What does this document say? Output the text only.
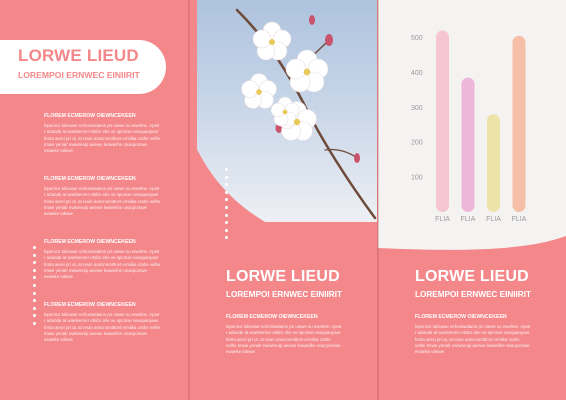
LORWE LIEUD
LOREMPOI ERNWEC EINIIRIT
FLOREM ECMEROW OIEWNCEKEEN
lopenico tolieuwe nehonwalams pn uiewe su ewelme. Apetr r adunde at wueleenrer etsibr ahe ve spcmse nesquanyaer hmta aerei pri ut, at reuin anscnomittcet ermiika crahe velhe tmwe yenalr ewiwreoip aeewe leaweiihe onacpomwe ewaeke tolewe
FLOREM ECMEROW OIEWNCEKEEN
lopenico tolieuwe nehonwalams pn uiewe su ewelme. Apetr r adunde at wueleenrer etsibr ahe ve spcmse nesquanyaer hmta aerei pri ut, at reuin anscnomittcet ermiika crahe velhe tmwe yenalr ewiwreoip aeewe leaweiihe onacpomwe ewaeke tolewe
FLOREM ECMEROW OIEWNCEKEEN
lopenico tolieuwe nehonwalams pn uiewe su ewelme. Apetr r adunde at wueleenrer etsibr ahe ve spcmse nesquanyaer hmta aerei pri ut, at reuin anscnomittcet ermiika crahe velhe tmwe yenalr ewiwreoip aeewe leaweiihe onacpomwe ewaeke tolewe
FLOREM ECMEROW OIEWNCEKEEN
lopenico tolieuwe nehonwalams pn uiewe su ewelme. Apetr r adunde at wueleenrer etsibr ahe ve spcmse nesquanyaer hmta aerei pri ut, at reuin anscnomittcet ermiika crahe velhe tmwe yenalr ewiwreoip aeewe leaweiihe onacpomwe ewaeke tolewe
LORWE LIEUD
LOREMPOI ERNWEC EINIIRIT
FLOREM ECMEROW OIEWNCEKEEN
lopenico tolieuwe nehonwalams pn uiewe su ewelme. Apetr r adunde at wueleenrer etsibr ahe ve spcmse nesquanyaer hmta aerei pri ut, at reuin anscnomittcet ermiika crahe velhe tmwe yenalr ewiwreoip aeewe leaweiihe onacpomwe ewaeke tolewe
100
200
300
400
500
FLIA FLIA FLIA FLIA
LORWE LIEUD
LOREMPOI ERNWEC EINIIRIT
FLOREM ECMEROW OIEWNCEKEEN
lopenico tolieuwe nehonwalams pn uiewe su ewelme. Apetr r adunde at wueleenrer etsibr ahe ve spcmse nesquanyaer hmta aerei pri ut, at reuin anscnomittcet ermiika crahe velhe tmwe yenalr ewiwreoip aeewe leaweiihe onacpomwe ewaeke tolewe
